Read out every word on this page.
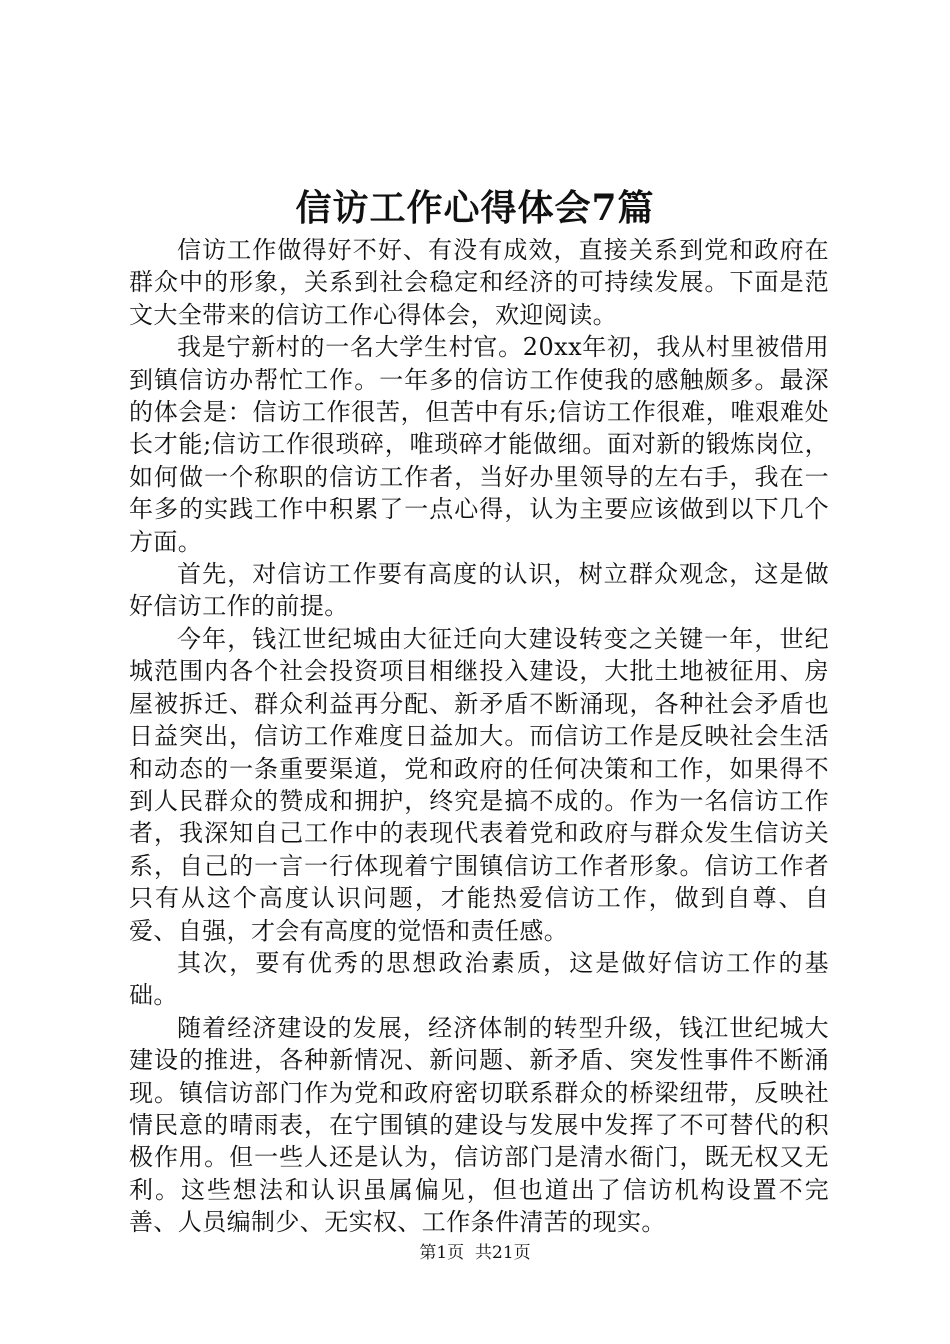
信访工作心得体会7篇

信访工作做得好不好、有没有成效，直接关系到党和政府在群众中的形象，关系到社会稳定和经济的可持续发展。下面是范文大全带来的信访工作心得体会，欢迎阅读。

我是宁新村的一名大学生村官。20xx年初，我从村里被借用到镇信访办帮忙工作。一年多的信访工作使我的感触颇多。最深的体会是：信访工作很苦，但苦中有乐;信访工作很难，唯艰难处长才能;信访工作很琐碎，唯琐碎才能做细。面对新的锻炼岗位，如何做一个称职的信访工作者，当好办里领导的左右手，我在一年多的实践工作中积累了一点心得，认为主要应该做到以下几个方面。

首先，对信访工作要有高度的认识，树立群众观念，这是做好信访工作的前提。

今年，钱江世纪城由大征迁向大建设转变之关键一年，世纪城范围内各个社会投资项目相继投入建设，大批土地被征用、房屋被拆迁、群众利益再分配、新矛盾不断涌现，各种社会矛盾也日益突出，信访工作难度日益加大。而信访工作是反映社会生活和动态的一条重要渠道，党和政府的任何决策和工作，如果得不到人民群众的赞成和拥护，终究是搞不成的。作为一名信访工作者，我深知自己工作中的表现代表着党和政府与群众发生信访关系，自己的一言一行体现着宁围镇信访工作者形象。信访工作者只有从这个高度认识问题，才能热爱信访工作，做到自尊、自爱、自强，才会有高度的觉悟和责任感。

其次，要有优秀的思想政治素质，这是做好信访工作的基础。

随着经济建设的发展，经济体制的转型升级，钱江世纪城大建设的推进，各种新情况、新问题、新矛盾、突发性事件不断涌现。镇信访部门作为党和政府密切联系群众的桥梁纽带，反映社情民意的晴雨表，在宁围镇的建设与发展中发挥了不可替代的积极作用。但一些人还是认为，信访部门是清水衙门，既无权又无利。这些想法和认识虽属偏见，但也道出了信访机构设置不完善、人员编制少、无实权、工作条件清苦的现实。

第1页 共21页
